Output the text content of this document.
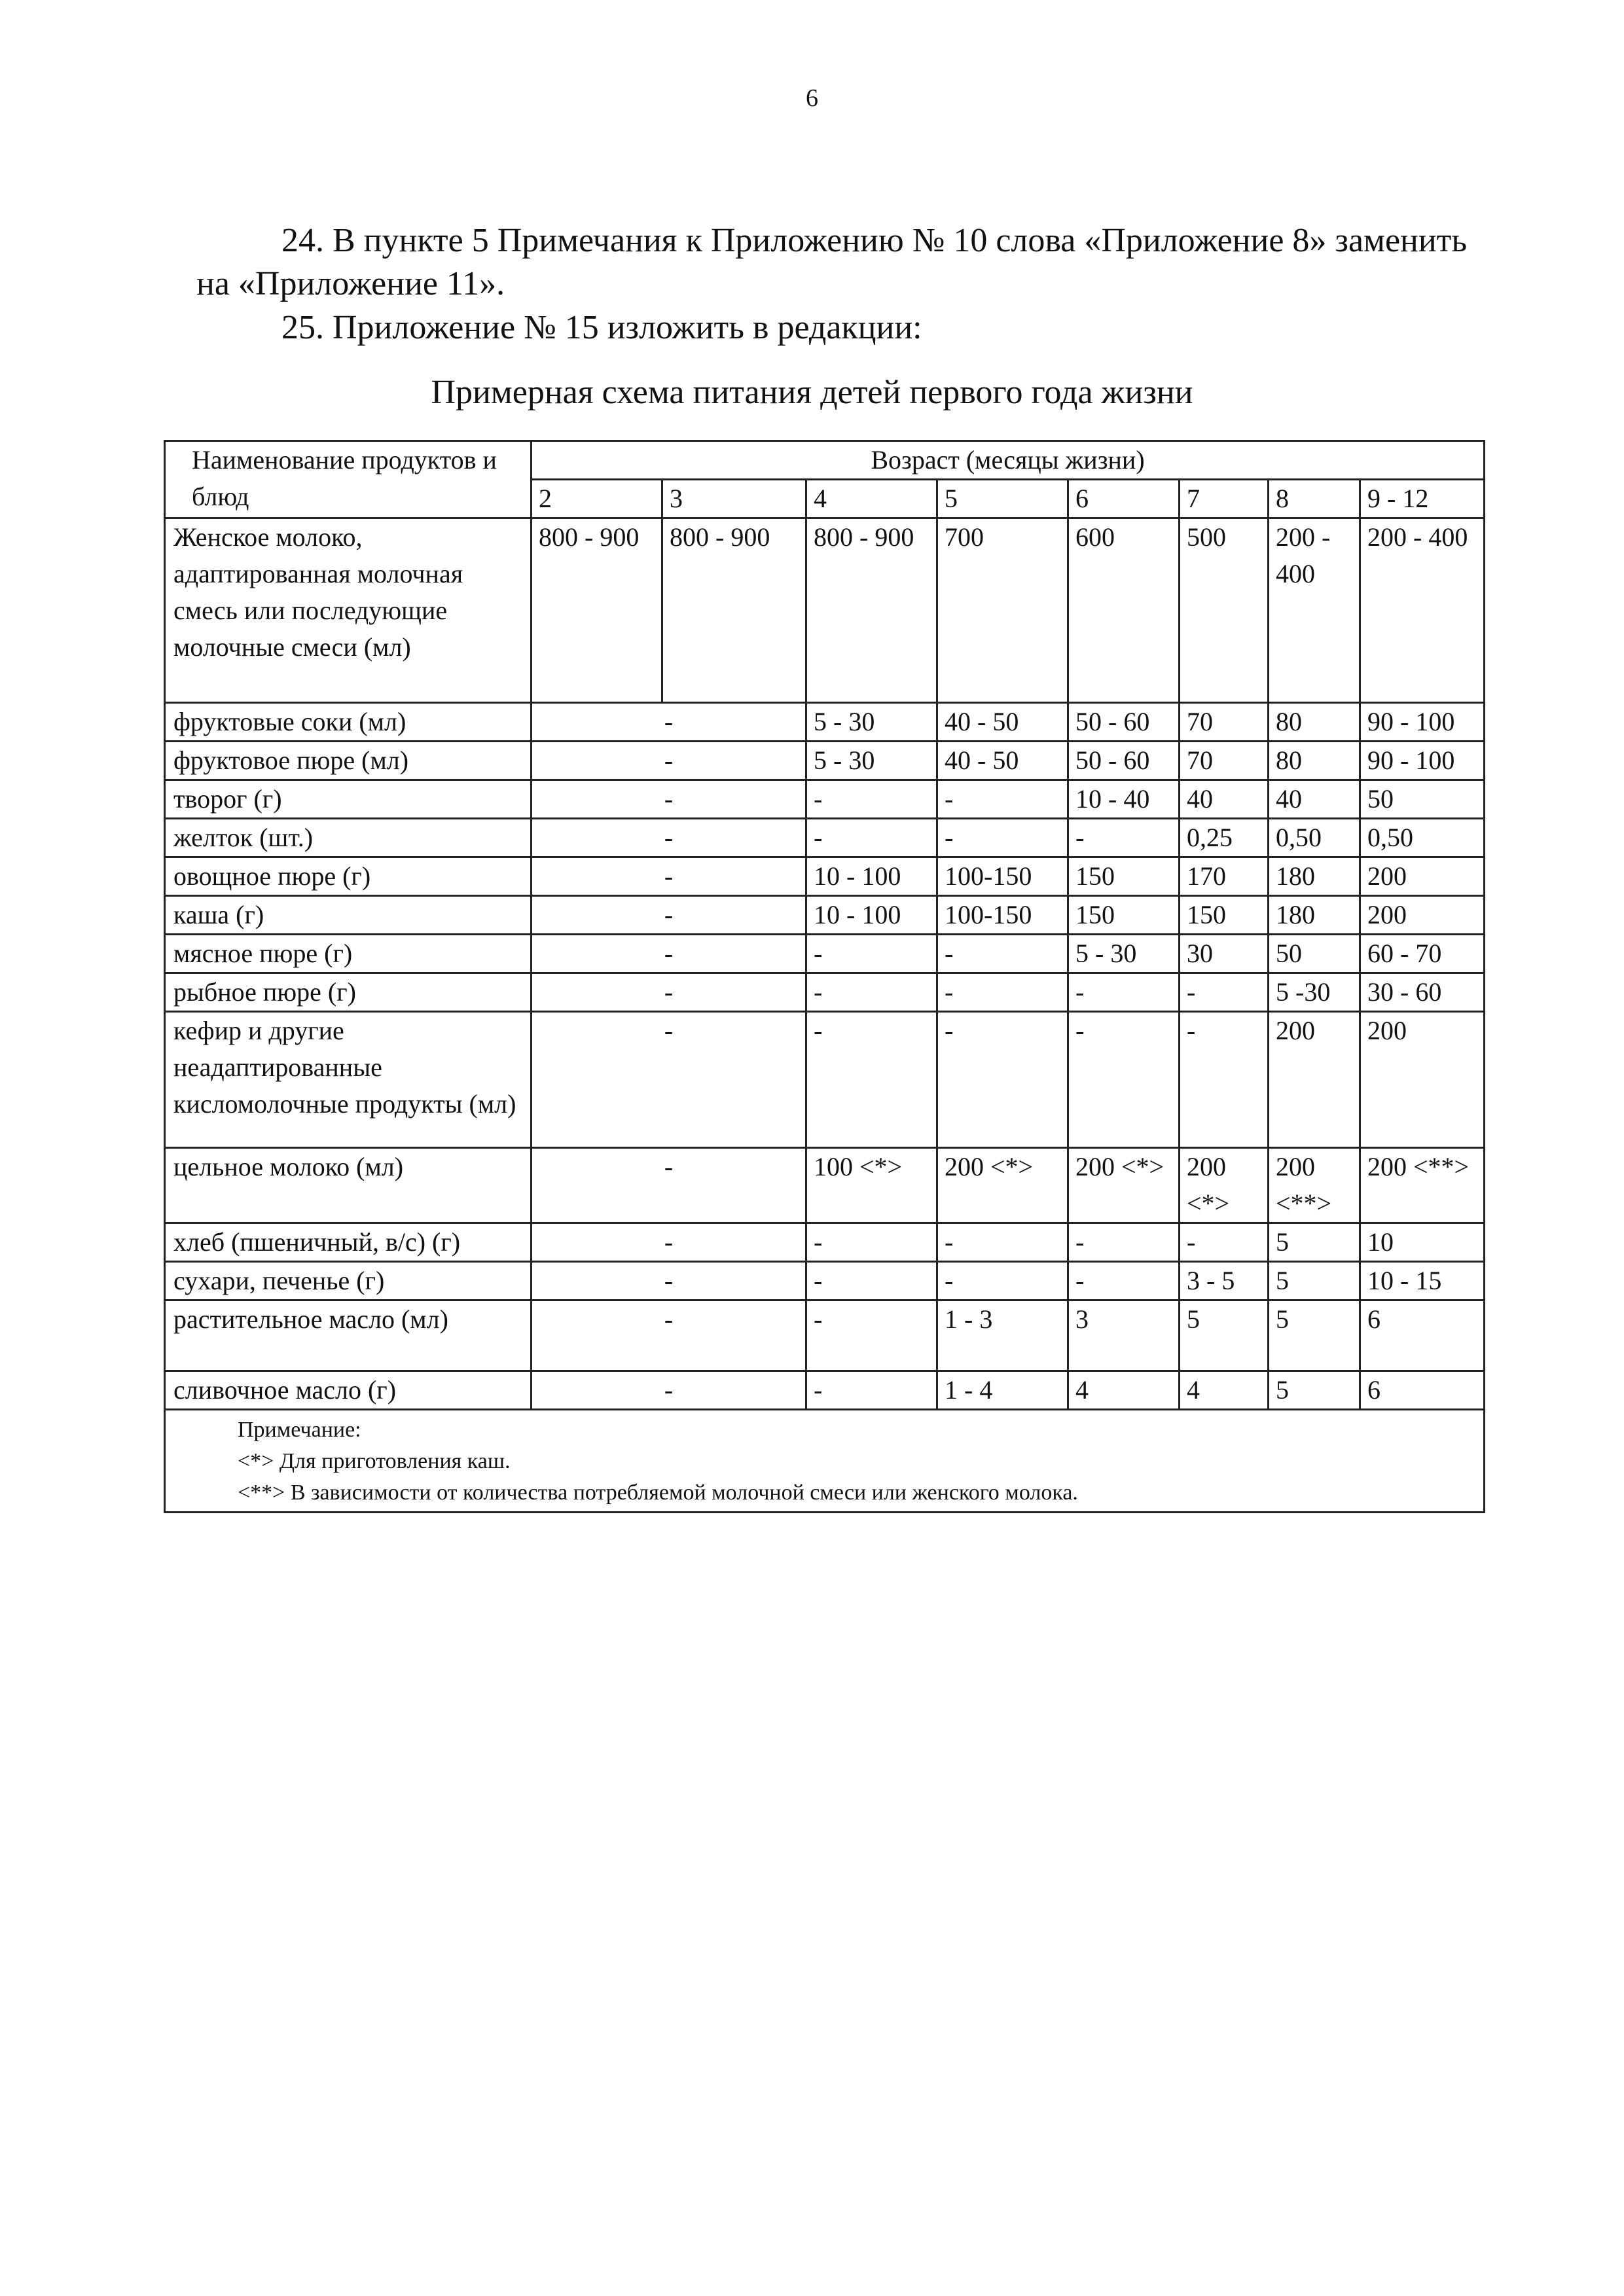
6
24. В пункте 5 Примечания к Приложению № 10 слова «Приложение 8» заменить на «Приложение 11».
25. Приложение № 15 изложить в редакции:
Примерная схема питания детей первого года жизни
Наименование продуктов и блюд	Возраст (месяцы жизни)							
	2	3	4	5	6	7	8	9 - 12
Женское молоко, адаптированная молочная смесь или последующие молочные смеси (мл)	800 - 900	800 - 900	800 - 900	700	600	500	200 - 400	200 - 400
фруктовые соки (мл)	-		5 - 30	40 - 50	50 - 60	70	80	90 - 100
фруктовое пюре (мл)	-		5 - 30	40 - 50	50 - 60	70	80	90 - 100
творог (г)	-		-	-	10 - 40	40	40	50
желток (шт.)	-		-	-	-	0,25	0,50	0,50
овощное пюре (г)	-		10 - 100	100-150	150	170	180	200
каша (г)	-		10 - 100	100-150	150	150	180	200
мясное пюре (г)	-		-	-	5 - 30	30	50	60 - 70
рыбное пюре (г)	-		-	-	-	-	5 -30	30 - 60
кефир и другие неадаптированные кисломолочные продукты (мл)	-		-	-	-	-	200	200
цельное молоко (мл)	-		100 <*>	200 <*>	200 <*>	200 <*>	200 <**>	200 <**>
хлеб (пшеничный, в/с) (г)	-		-	-	-	-	5	10
сухари, печенье (г)	-		-	-	-	3 - 5	5	10 - 15
растительное масло (мл)	-		-	1 - 3	3	5	5	6
сливочное масло (г)	-		-	1 - 4	4	4	5	6

Примечание:
<*> Для приготовления каш.
<**> В зависимости от количества потребляемой молочной смеси или женского молока.								
